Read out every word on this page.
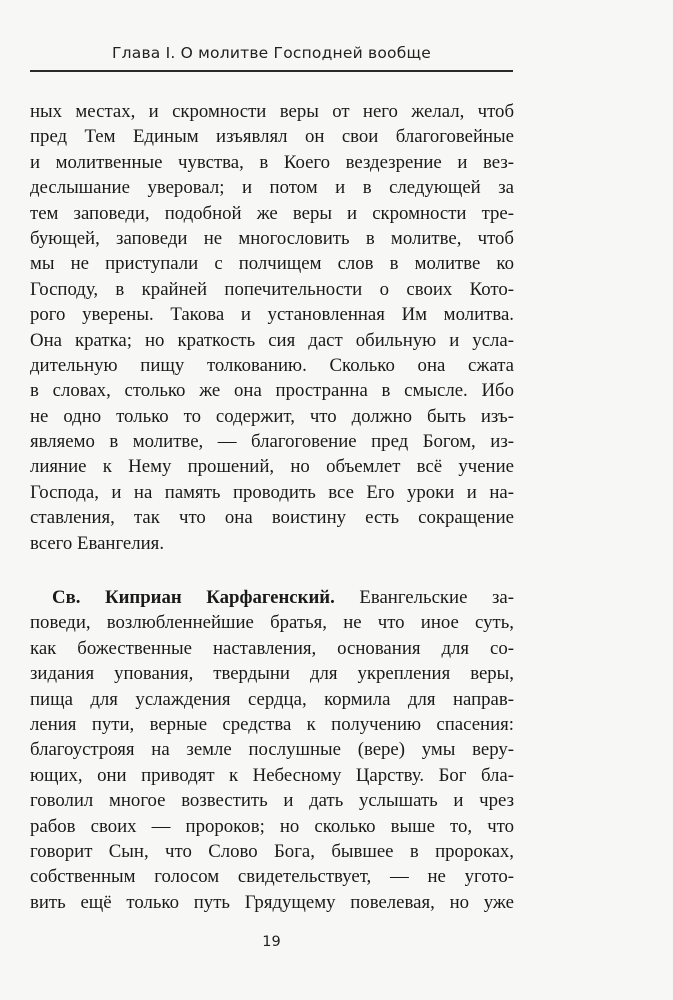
Глава I. О молитве Господней вообще
ных местах, и скромности веры от него желал, чтоб
пред Тем Единым изъявлял он свои благоговейные
и молитвенные чувства, в Коего вездезрение и вез-
деслышание уверовал; и потом и в следующей за
тем заповеди, подобной же веры и скромности тре-
бующей, заповеди не многословить в молитве, чтоб
мы не приступали с полчищем слов в молитве ко
Господу, в крайней попечительности о своих Кото-
рого уверены. Такова и установленная Им молитва.
Она кратка; но краткость сия даст обильную и усла-
дительную пищу толкованию. Сколько она сжата
в словах, столько же она пространна в смысле. Ибо
не одно только то содержит, что должно быть изъ-
являемо в молитве, — благоговение пред Богом, из-
лияние к Нему прошений, но объемлет всё учение
Господа, и на память проводить все Его уроки и на-
ставления, так что она воистину есть сокращение
всего Евангелия.
Св. Киприан Карфагенский. Евангельские за-
поведи, возлюбленнейшие братья, не что иное суть,
как божественные наставления, основания для со-
зидания упования, твердыни для укрепления веры,
пища для услаждения сердца, кормила для направ-
ления пути, верные средства к получению спасения:
благоустрояя на земле послушные (вере) умы веру-
ющих, они приводят к Небесному Царству. Бог бла-
говолил многое возвестить и дать услышать и чрез
рабов своих — пророков; но сколько выше то, что
говорит Сын, что Слово Бога, бывшее в пророках,
собственным голосом свидетельствует, — не угото-
вить ещё только путь Грядущему повелевая, но уже
19
